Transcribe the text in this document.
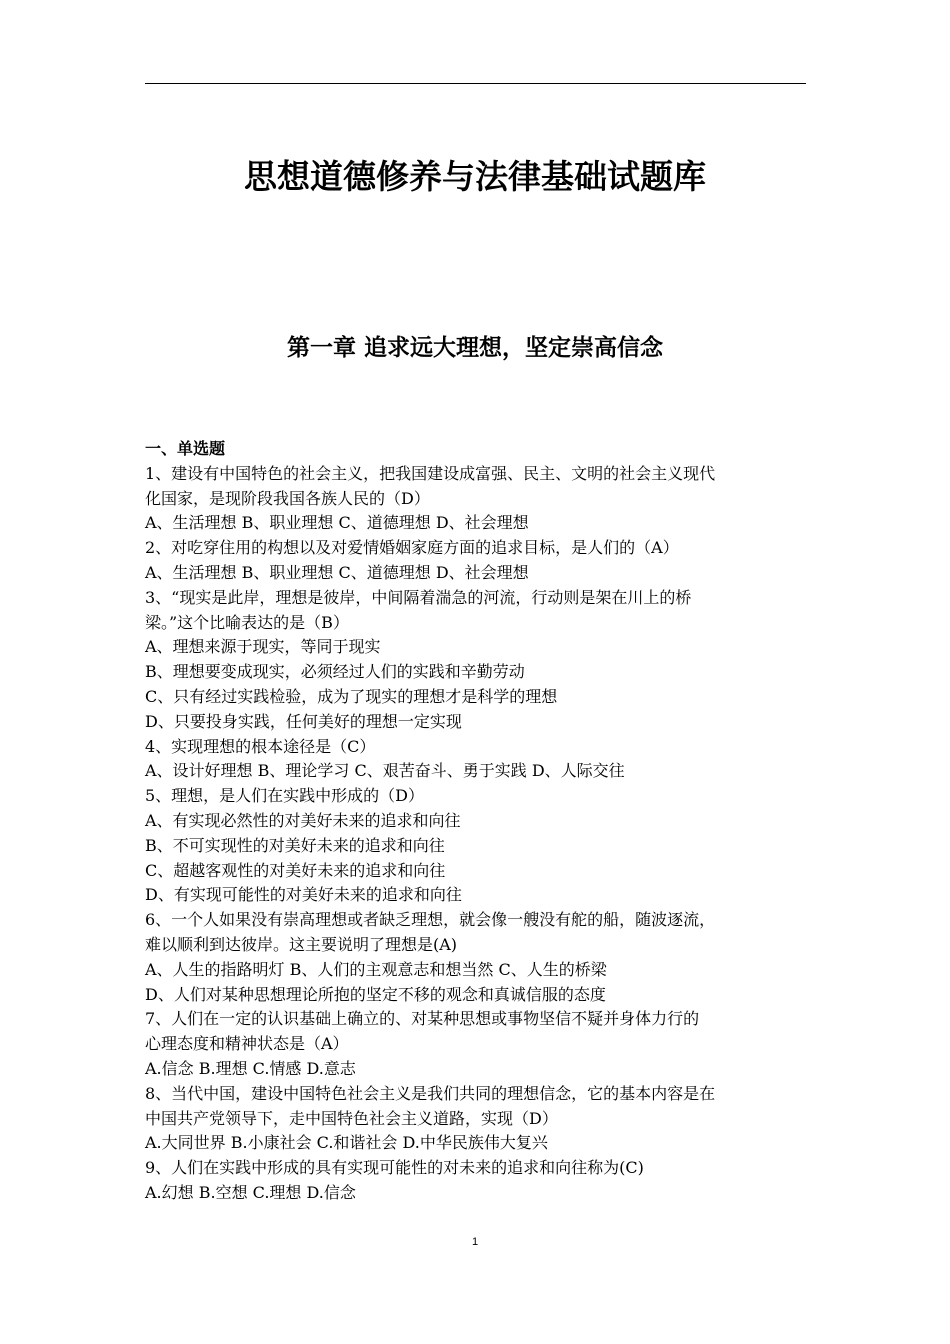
思想道德修养与法律基础试题库
第一章 追求远大理想，坚定崇高信念
一、单选题
1、建设有中国特色的社会主义，把我国建设成富强、民主、文明的社会主义现代
化国家，是现阶段我国各族人民的（D）
A、生活理想 B、职业理想 C、道德理想 D、社会理想
2、对吃穿住用的构想以及对爱情婚姻家庭方面的追求目标，是人们的（A）
A、生活理想 B、职业理想 C、道德理想 D、社会理想
3、“现实是此岸，理想是彼岸，中间隔着湍急的河流，行动则是架在川上的桥
梁。”这个比喻表达的是（B）
A、理想来源于现实，等同于现实
B、理想要变成现实，必须经过人们的实践和辛勤劳动
C、只有经过实践检验，成为了现实的理想才是科学的理想
D、只要投身实践，任何美好的理想一定实现
4、实现理想的根本途径是（C）
A、设计好理想 B、理论学习 C、艰苦奋斗、勇于实践 D、人际交往
5、理想，是人们在实践中形成的（D）
A、有实现必然性的对美好未来的追求和向往
B、不可实现性的对美好未来的追求和向往
C、超越客观性的对美好未来的追求和向往
D、有实现可能性的对美好未来的追求和向往
6、一个人如果没有崇高理想或者缺乏理想，就会像一艘没有舵的船，随波逐流，
难以顺利到达彼岸。这主要说明了理想是(A)
A、人生的指路明灯 B、人们的主观意志和想当然 C、人生的桥梁
D、人们对某种思想理论所抱的坚定不移的观念和真诚信服的态度
7、人们在一定的认识基础上确立的、对某种思想或事物坚信不疑并身体力行的
心理态度和精神状态是（A）
A.信念 B.理想 C.情感 D.意志
8、当代中国，建设中国特色社会主义是我们共同的理想信念，它的基本内容是在
中国共产党领导下，走中国特色社会主义道路，实现（D）
A.大同世界 B.小康社会 C.和谐社会 D.中华民族伟大复兴
9、人们在实践中形成的具有实现可能性的对未来的追求和向往称为(C)
A.幻想 B.空想 C.理想 D.信念
1
